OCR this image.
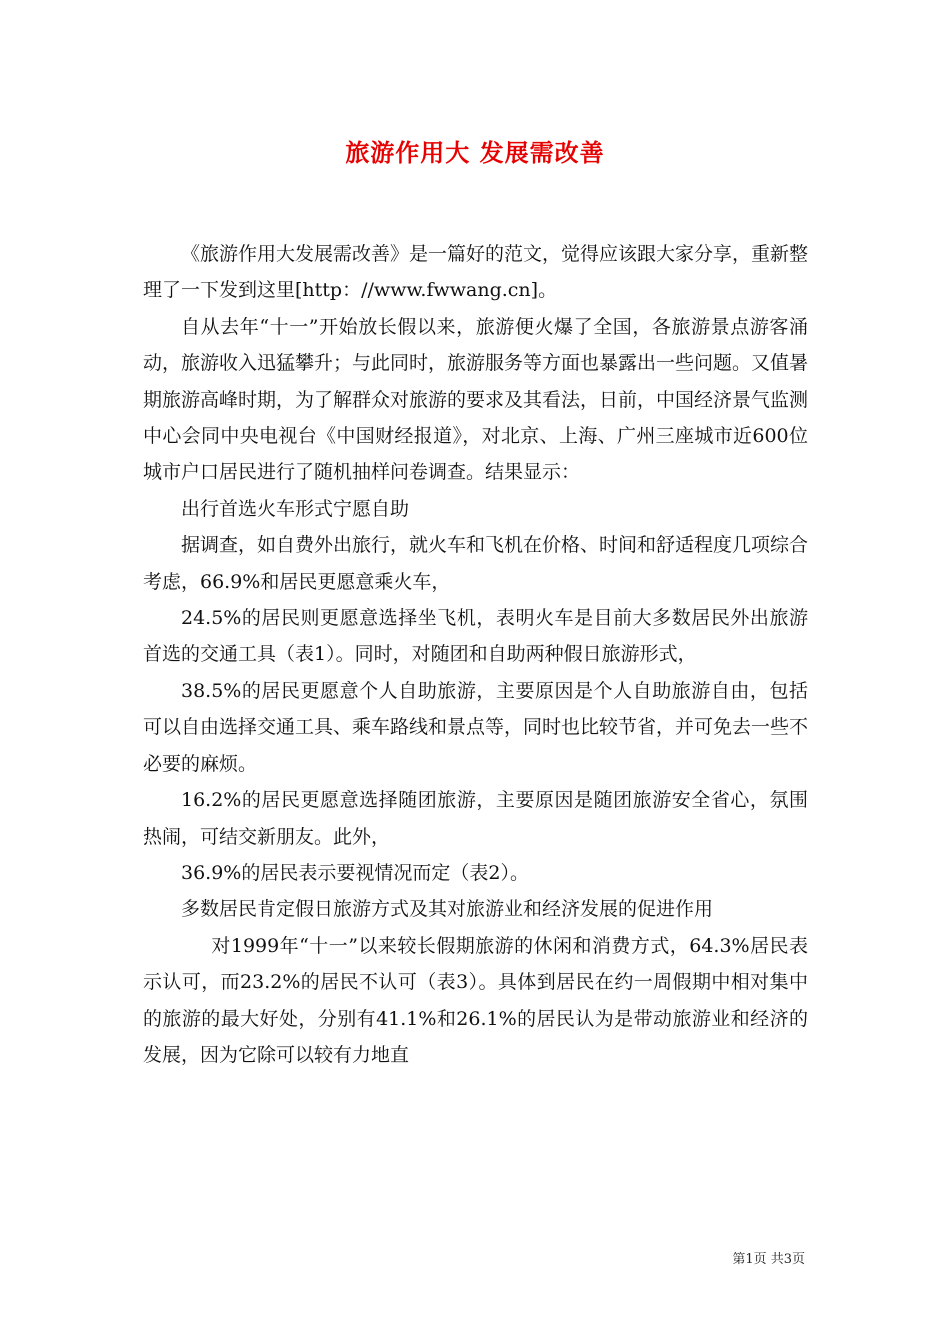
旅游作用大 发展需改善

《旅游作用大发展需改善》是一篇好的范文，觉得应该跟大家分享，重新整理了一下发到这里[http：//www.fwwang.cn]。

自从去年“十一”开始放长假以来，旅游便火爆了全国，各旅游景点游客涌动，旅游收入迅猛攀升；与此同时，旅游服务等方面也暴露出一些问题。又值暑期旅游高峰时期，为了解群众对旅游的要求及其看法，日前，中国经济景气监测中心会同中央电视台《中国财经报道》，对北京、上海、广州三座城市近600位城市户口居民进行了随机抽样问卷调查。结果显示：

出行首选火车形式宁愿自助

据调查，如自费外出旅行，就火车和飞机在价格、时间和舒适程度几项综合考虑，66.9%和居民更愿意乘火车，

24.5%的居民则更愿意选择坐飞机，表明火车是目前大多数居民外出旅游首选的交通工具（表1）。同时，对随团和自助两种假日旅游形式，

38.5%的居民更愿意个人自助旅游，主要原因是个人自助旅游自由，包括可以自由选择交通工具、乘车路线和景点等，同时也比较节省，并可免去一些不必要的麻烦。

16.2%的居民更愿意选择随团旅游，主要原因是随团旅游安全省心，氛围热闹，可结交新朋友。此外，

36.9%的居民表示要视情况而定（表2）。

多数居民肯定假日旅游方式及其对旅游业和经济发展的促进作用

对1999年“十一”以来较长假期旅游的休闲和消费方式，64.3%居民表示认可，而23.2%的居民不认可（表3）。具体到居民在约一周假期中相对集中的旅游的最大好处，分别有41.1%和26.1%的居民认为是带动旅游业和经济的发展，因为它除可以较有力地直

第1页 共3页
